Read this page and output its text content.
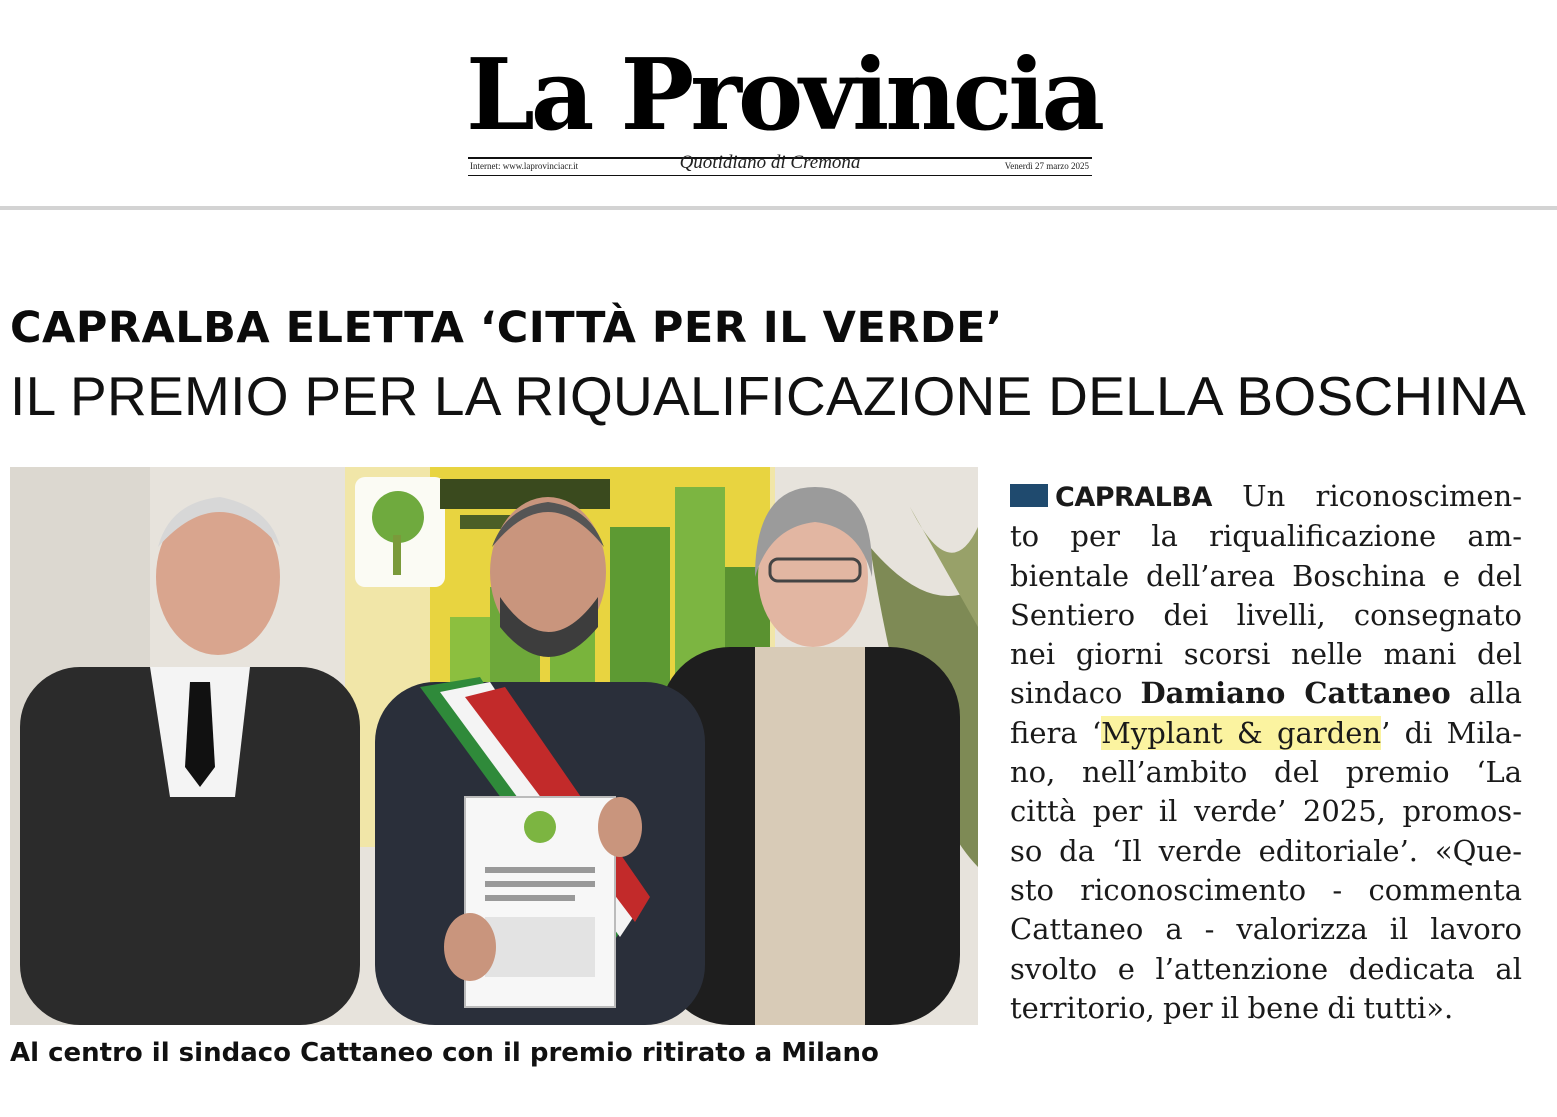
La Provincia
Internet: www.laprovinciacr.it	Quotidiano di Cremona	Venerdì 27 marzo 2025
CAPRALBA ELETTA ‘CITTÀ PER IL VERDE’
IL PREMIO PER LA RIQUALIFICAZIONE DELLA BOSCHINA
Al centro il sindaco Cattaneo con il premio ritirato a Milano
CAPRALBA Un riconoscimen-
to per la riqualificazione am-
bientale dell’area Boschina e del
Sentiero dei livelli, consegnato
nei giorni scorsi nelle mani del
sindaco Damiano Cattaneo alla
fiera ‘Myplant & garden’ di Mila-
no, nell’ambito del premio ‘La
città per il verde’ 2025, promos-
so da ‘Il verde editoriale’. «Que-
sto riconoscimento - commenta
Cattaneo a - valorizza il lavoro
svolto e l’attenzione dedicata al
territorio, per il bene di tutti».
